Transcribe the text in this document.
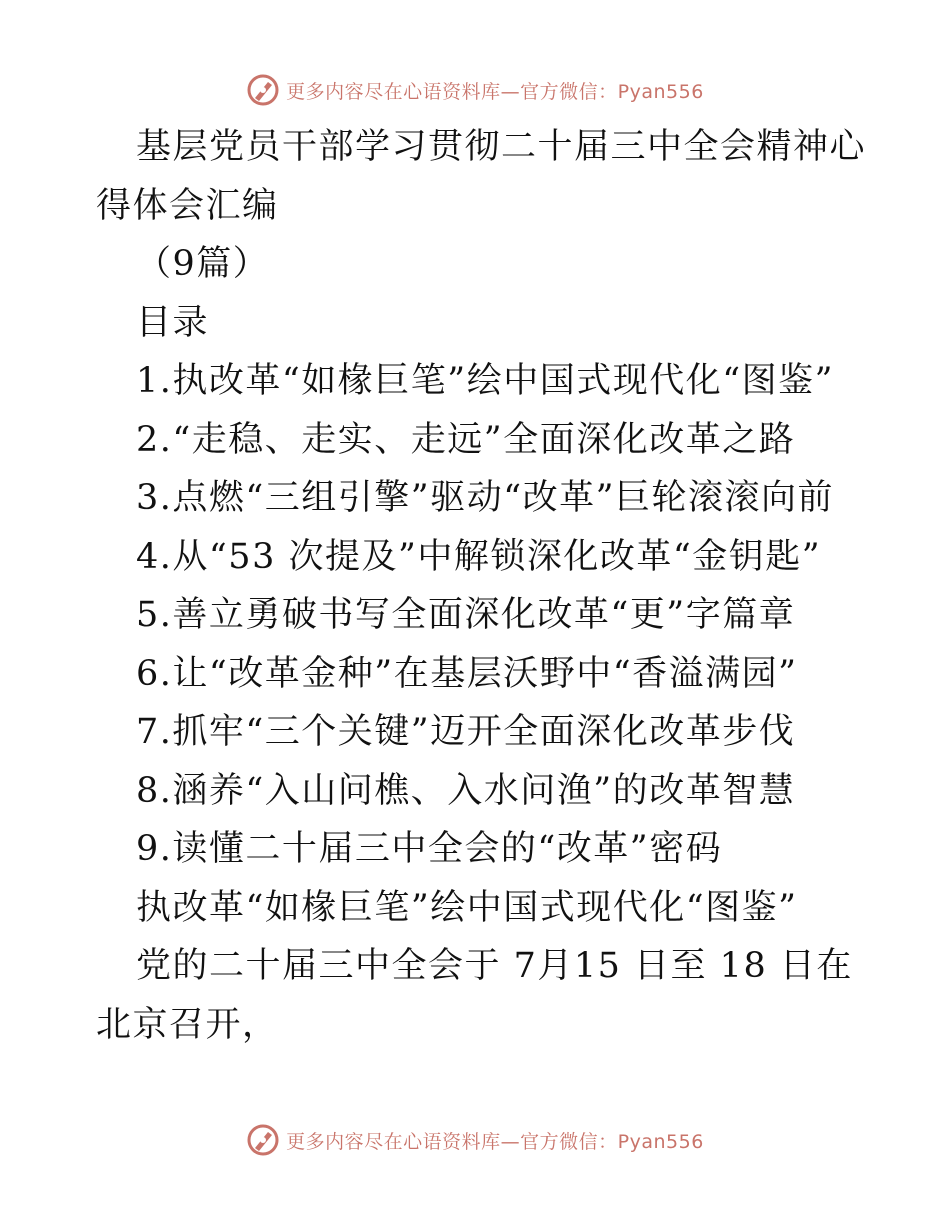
更多内容尽在心语资料库—官方微信：Pyan556
基层党员干部学习贯彻二十届三中全会精神心得体会汇编
（9篇）
目录
1.执改革“如椽巨笔”绘中国式现代化“图鉴”
2.“走稳、走实、走远”全面深化改革之路
3.点燃“三组引擎”驱动“改革”巨轮滚滚向前
4.从“53 次提及”中解锁深化改革“金钥匙”
5.善立勇破书写全面深化改革“更”字篇章
6.让“改革金种”在基层沃野中“香溢满园”
7.抓牢“三个关键”迈开全面深化改革步伐
8.涵养“入山问樵、入水问渔”的改革智慧
9.读懂二十届三中全会的“改革”密码
执改革“如椽巨笔”绘中国式现代化“图鉴”
党的二十届三中全会于 7月15 日至 18 日在北京召开，
更多内容尽在心语资料库—官方微信：Pyan556
